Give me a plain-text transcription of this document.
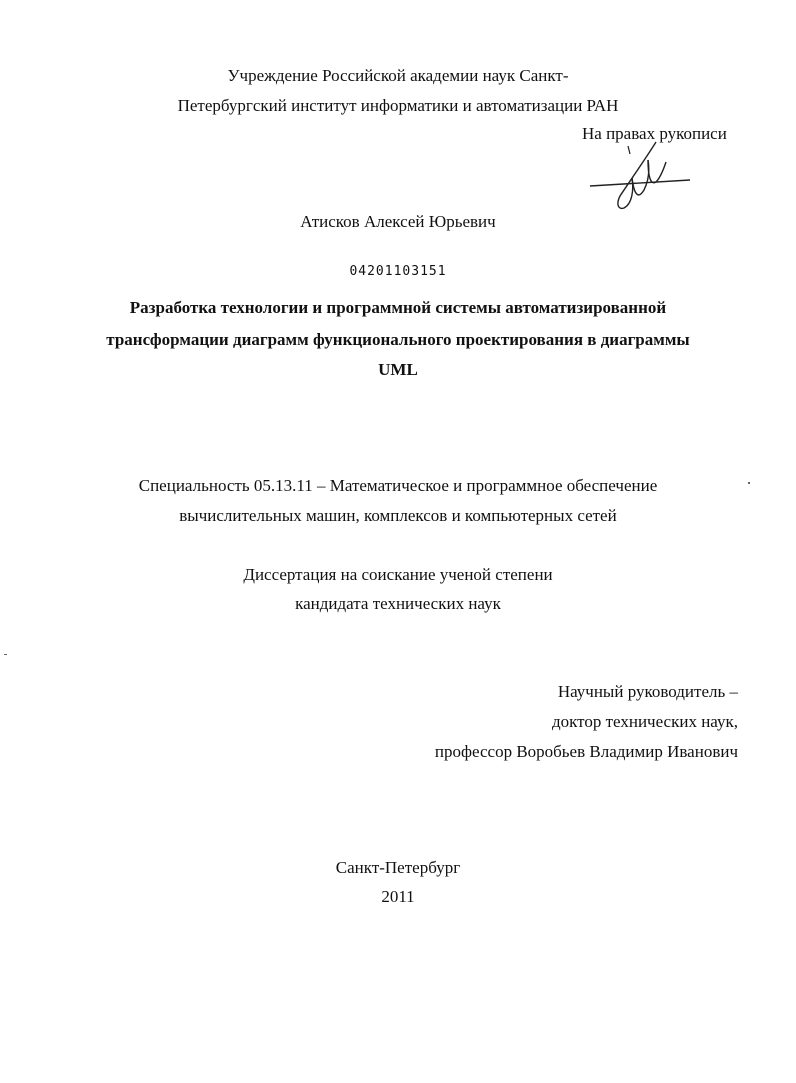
Учреждение Российской академии наук Санкт-
Петербургский институт информатики и автоматизации РАН
На правах рукописи
Атисков Алексей Юрьевич
04201103151
Разработка технологии и программной системы автоматизированной
трансформации диаграмм функционального проектирования в диаграммы
UML
Специальность 05.13.11 – Математическое и программное обеспечение
вычислительных машин, комплексов и компьютерных сетей
Диссертация на соискание ученой степени
кандидата технических наук
Научный руководитель –
доктор технических наук,
профессор Воробьев Владимир Иванович
Санкт-Петербург
2011
